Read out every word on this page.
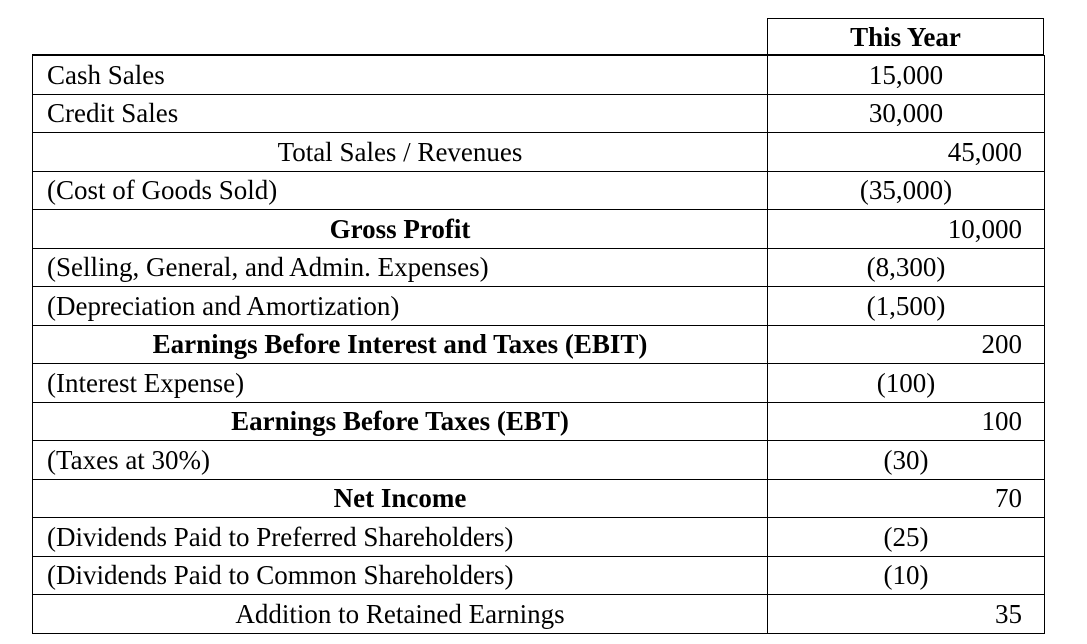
This Year
Cash Sales	15,000
Credit Sales	30,000
Total Sales / Revenues	45,000
(Cost of Goods Sold)	(35,000)
Gross Profit	10,000
(Selling, General, and Admin. Expenses)	(8,300)
(Depreciation and Amortization)	(1,500)
Earnings Before Interest and Taxes (EBIT)	200
(Interest Expense)	(100)
Earnings Before Taxes (EBT)	100
(Taxes at 30%)	(30)
Net Income	70
(Dividends Paid to Preferred Shareholders)	(25)
(Dividends Paid to Common Shareholders)	(10)
Addition to Retained Earnings	35
